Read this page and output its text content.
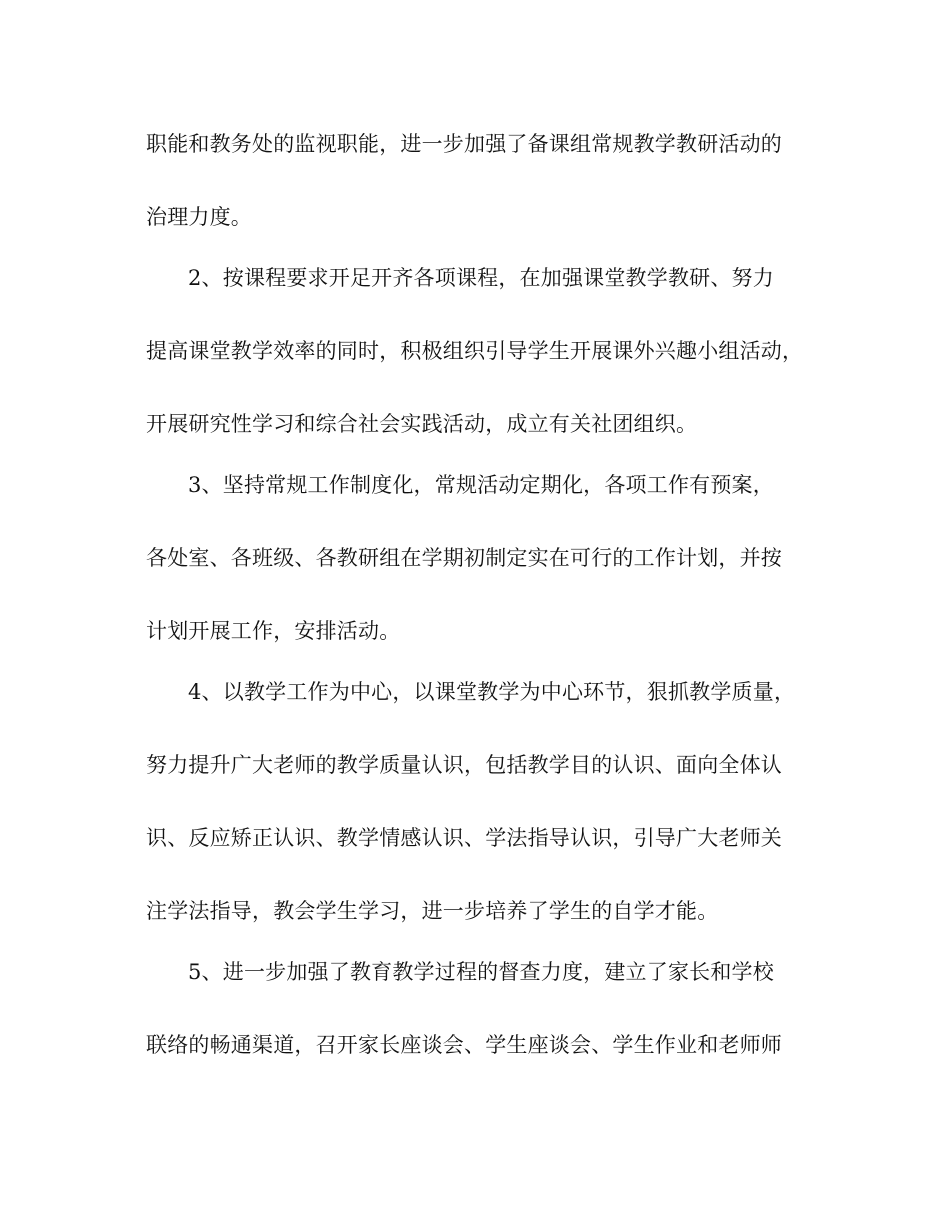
职能和教务处的监视职能，进一步加强了备课组常规教学教研活动的
治理力度。
2、按课程要求开足开齐各项课程，在加强课堂教学教研、努力
提高课堂教学效率的同时，积极组织引导学生开展课外兴趣小组活动，
开展研究性学习和综合社会实践活动，成立有关社团组织。
3、坚持常规工作制度化，常规活动定期化，各项工作有预案，
各处室、各班级、各教研组在学期初制定实在可行的工作计划，并按
计划开展工作，安排活动。
4、以教学工作为中心，以课堂教学为中心环节，狠抓教学质量，
努力提升广大老师的教学质量认识，包括教学目的认识、面向全体认
识、反应矫正认识、教学情感认识、学法指导认识，引导广大老师关
注学法指导，教会学生学习，进一步培养了学生的自学才能。
5、进一步加强了教育教学过程的督查力度，建立了家长和学校
联络的畅通渠道，召开家长座谈会、学生座谈会、学生作业和老师师
